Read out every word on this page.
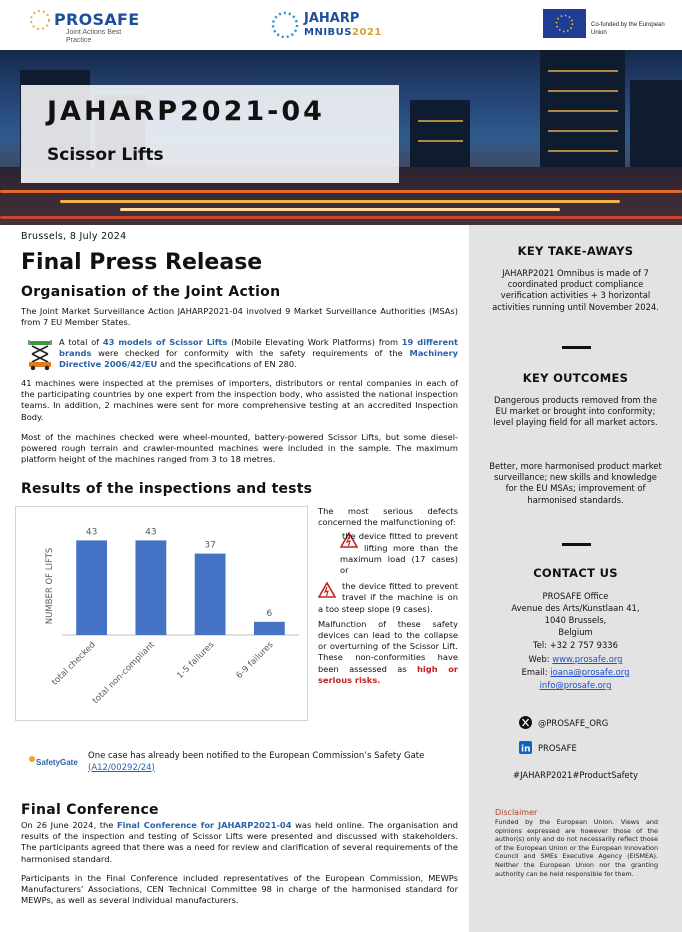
PROSAFE
Joint Actions Best Practice
JAHARP
MNIBUS2021
Co-funded by the European Union
JAHARP2021-04
Scissor Lifts
Brussels, 8 July 2024
Final Press Release
Organisation of the Joint Action

The Joint Market Surveillance Action JAHARP2021-04 involved 9 Market Surveillance Authorities (MSAs) from 7 EU Member States.

A total of 43 models of Scissor Lifts (Mobile Elevating Work Platforms) from 19 different brands were checked for conformity with the safety requirements of the Machinery Directive 2006/42/EU and the specifications of EN 280.

41 machines were inspected at the premises of importers, distributors or rental companies in each of the participating countries by one expert from the inspection body, who assisted the national inspection teams. In addition, 2 machines were sent for more comprehensive testing at an accredited Inspection Body.

Most of the machines checked were wheel-mounted, battery-powered Scissor Lifts, but some diesel-powered rough terrain and crawler-mounted machines were included in the sample. The maximum platform height of the machines ranged from 3 to 18 metres.

Results of the inspections and tests
NUMBER OF LIFTS
43
total checked
43
total non-compliant
37
1-5 failures
6
6-9 failures
The most serious defects concerned the malfunctioning of:
the device fitted to prevent lifting more than the maximum load (17 cases) or
the device fitted to prevent travel if the machine is on a too steep slope (9 cases).
Malfunction of these safety devices can lead to the collapse or overturning of the Scissor Lift. These non-conformities have been assessed as high or serious risks.
SafetyGate
One case has already been notified to the European Commission’s Safety Gate
(A12/00292/24)
Final Conference

On 26 June 2024, the Final Conference for JAHARP2021-04 was held online. The organisation and results of the inspection and testing of Scissor Lifts were presented and discussed with stakeholders. The participants agreed that there was a need for review and clarification of several requirements of the harmonised standard.

Participants in the Final Conference included representatives of the European Commission, MEWPs Manufacturers’ Associations, CEN Technical Committee 98 in charge of the harmonised standard for MEWPs, as well as several individual manufacturers.

KEY TAKE-AWAYS

JAHARP2021 Omnibus is made of 7 coordinated product compliance verification activities + 3 horizontal activities running until November 2024.

KEY OUTCOMES

Dangerous products removed from the EU market or brought into conformity; level playing field for all market actors.

Better, more harmonised product market surveillance; new skills and knowledge for the EU MSAs; improvement of harmonised standards.

CONTACT US

PROSAFE Office

Avenue des Arts/Kunstlaan 41,

1040 Brussels,

Belgium

Tel: +32 2 757 9336

Web: www.prosafe.org

Email: ioana@prosafe.org

info@prosafe.org

@PROSAFE_ORG
in PROSAFE

#JAHARP2021#ProductSafety

Disclaimer

Funded by the European Union. Views and opinions expressed are however those of the author(s) only and do not necessarily reflect those of the European Union or the European Innovation Council and SMEs Executive Agency (EISMEA). Neither the European Union nor the granting authority can be held responsible for them.
